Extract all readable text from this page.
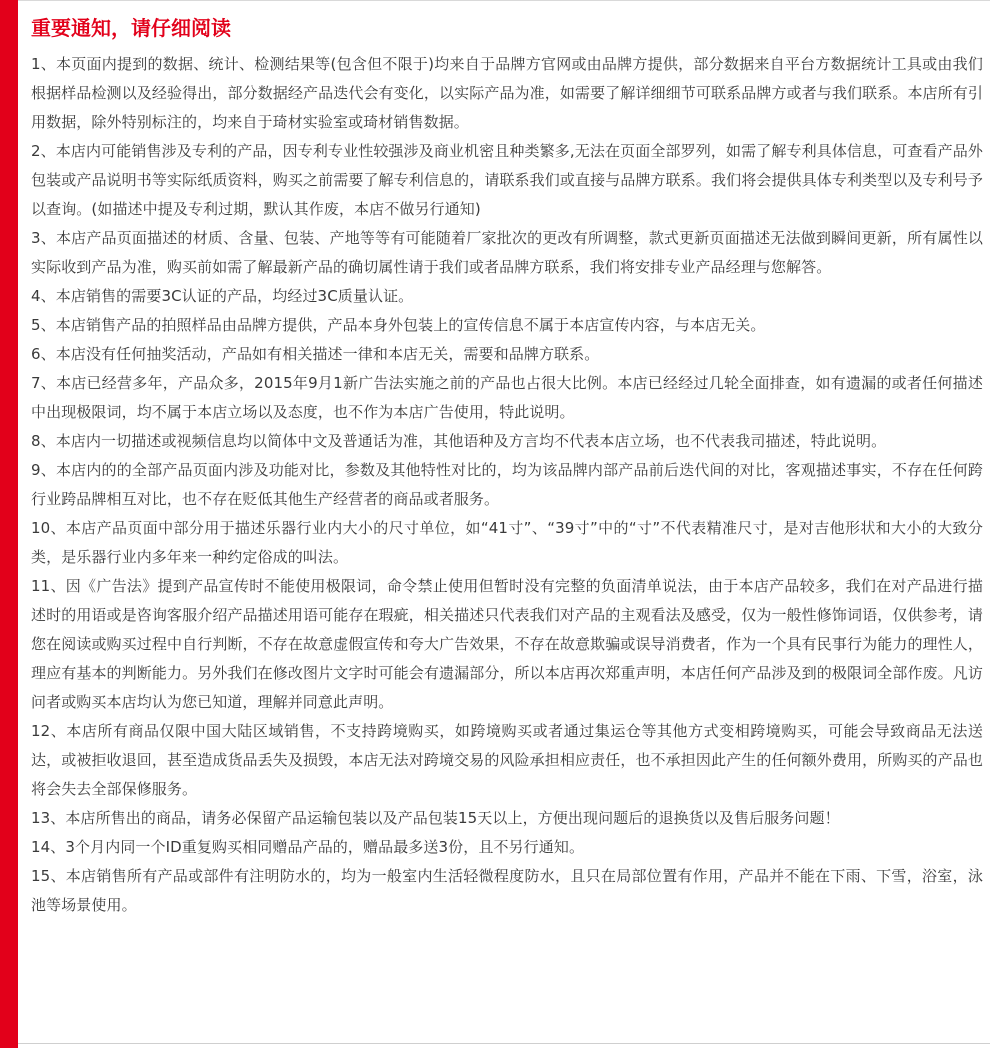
重要通知，请仔细阅读
1、本页面内提到的数据、统计、检测结果等(包含但不限于)均来自于品牌方官网或由品牌方提供，部分数据来自平台方数据统计工具或由我们根据样品检测以及经验得出，部分数据经产品迭代会有变化，以实际产品为准，如需要了解详细细节可联系品牌方或者与我们联系。本店所有引用数据，除外特别标注的，均来自于琦材实验室或琦材销售数据。
2、本店内可能销售涉及专利的产品，因专利专业性较强涉及商业机密且种类繁多,无法在页面全部罗列，如需了解专利具体信息，可查看产品外包装或产品说明书等实际纸质资料，购买之前需要了解专利信息的，请联系我们或直接与品牌方联系。我们将会提供具体专利类型以及专利号予以查询。(如描述中提及专利过期，默认其作废，本店不做另行通知)
3、本店产品页面描述的材质、含量、包装、产地等等有可能随着厂家批次的更改有所调整，款式更新页面描述无法做到瞬间更新，所有属性以实际收到产品为准，购买前如需了解最新产品的确切属性请于我们或者品牌方联系，我们将安排专业产品经理与您解答。
4、本店销售的需要3C认证的产品，均经过3C质量认证。
5、本店销售产品的拍照样品由品牌方提供，产品本身外包装上的宣传信息不属于本店宣传内容，与本店无关。
6、本店没有任何抽奖活动，产品如有相关描述一律和本店无关，需要和品牌方联系。
7、本店已经营多年，产品众多，2015年9月1新广告法实施之前的产品也占很大比例。本店已经经过几轮全面排查，如有遗漏的或者任何描述中出现极限词，均不属于本店立场以及态度，也不作为本店广告使用，特此说明。
8、本店内一切描述或视频信息均以简体中文及普通话为准，其他语种及方言均不代表本店立场，也不代表我司描述，特此说明。
9、本店内的的全部产品页面内涉及功能对比，参数及其他特性对比的，均为该品牌内部产品前后迭代间的对比，客观描述事实，不存在任何跨行业跨品牌相互对比，也不存在贬低其他生产经营者的商品或者服务。
10、本店产品页面中部分用于描述乐器行业内大小的尺寸单位，如“41寸”、“39寸”中的“寸”不代表精准尺寸，是对吉他形状和大小的大致分类，是乐器行业内多年来一种约定俗成的叫法。
11、因《广告法》提到产品宣传时不能使用极限词，命令禁止使用但暂时没有完整的负面清单说法，由于本店产品较多，我们在对产品进行描述时的用语或是咨询客服介绍产品描述用语可能存在瑕疵，相关描述只代表我们对产品的主观看法及感受，仅为一般性修饰词语，仅供参考，请您在阅读或购买过程中自行判断，不存在故意虚假宣传和夸大广告效果，不存在故意欺骗或误导消费者，作为一个具有民事行为能力的理性人，理应有基本的判断能力。另外我们在修改图片文字时可能会有遗漏部分，所以本店再次郑重声明，本店任何产品涉及到的极限词全部作废。凡访问者或购买本店均认为您已知道，理解并同意此声明。
12、本店所有商品仅限中国大陆区域销售，不支持跨境购买，如跨境购买或者通过集运仓等其他方式变相跨境购买，可能会导致商品无法送达，或被拒收退回，甚至造成货品丢失及损毁，本店无法对跨境交易的风险承担相应责任，也不承担因此产生的任何额外费用，所购买的产品也将会失去全部保修服务。
13、本店所售出的商品，请务必保留产品运输包装以及产品包装15天以上，方便出现问题后的退换货以及售后服务问题！
14、3个月内同一个ID重复购买相同赠品产品的，赠品最多送3份，且不另行通知。
15、本店销售所有产品或部件有注明防水的，均为一般室内生活轻微程度防水，且只在局部位置有作用，产品并不能在下雨、下雪，浴室，泳池等场景使用。
